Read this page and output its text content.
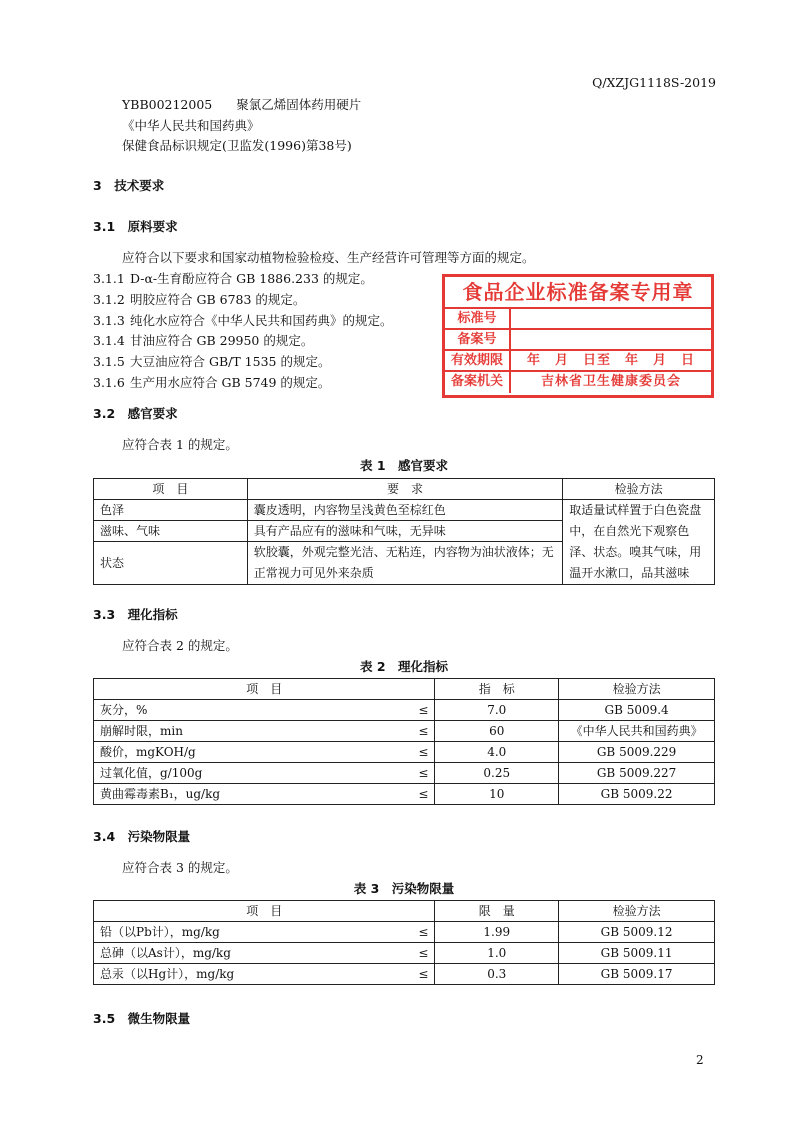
Q/XZJG1118S-2019
YBB00212005 聚氯乙烯固体药用硬片
《中华人民共和国药典》
保健食品标识规定(卫监发(1996)第38号)
3　技术要求
3.1　原料要求
应符合以下要求和国家动植物检验检疫、生产经营许可管理等方面的规定。
3.1.1 D-α-生育酚应符合 GB 1886.233 的规定。
3.1.2 明胶应符合 GB 6783 的规定。
3.1.3 纯化水应符合《中华人民共和国药典》的规定。
3.1.4 甘油应符合 GB 29950 的规定。
3.1.5 大豆油应符合 GB/T 1535 的规定。
3.1.6 生产用水应符合 GB 5749 的规定。
3.2　感官要求
应符合表 1 的规定。
表 1　感官要求
项　目	要　求	检验方法
色泽	囊皮透明，内容物呈浅黄色至棕红色	取适量试样置于白色瓷盘中，在自然光下观察色泽、状态。嗅其气味，用温开水漱口，品其滋味
滋味、气味	具有产品应有的滋味和气味，无异味	
状态	软胶囊，外观完整光洁、无粘连，内容物为油状液体；无正常视力可见外来杂质	
3.3　理化指标
应符合表 2 的规定。
表 2　理化指标
项　目		指　标	检验方法
灰分，%	≤	7.0	GB 5009.4
崩解时限，min	≤	60	《中华人民共和国药典》
酸价，mgKOH/g	≤	4.0	GB 5009.229
过氧化值，g/100g	≤	0.25	GB 5009.227
黄曲霉毒素B₁，ug/kg	≤	10	GB 5009.22
3.4　污染物限量
应符合表 3 的规定。
表 3　污染物限量
项　目		限　量	检验方法
铅（以Pb计），mg/kg	≤	1.99	GB 5009.12
总砷（以As计），mg/kg	≤	1.0	GB 5009.11
总汞（以Hg计），mg/kg	≤	0.3	GB 5009.17
3.5　微生物限量
2
食品企业标准备案专用章
标准号
备案号
有效期限	年　月　日至　年　月　日
备案机关	吉林省卫生健康委员会
